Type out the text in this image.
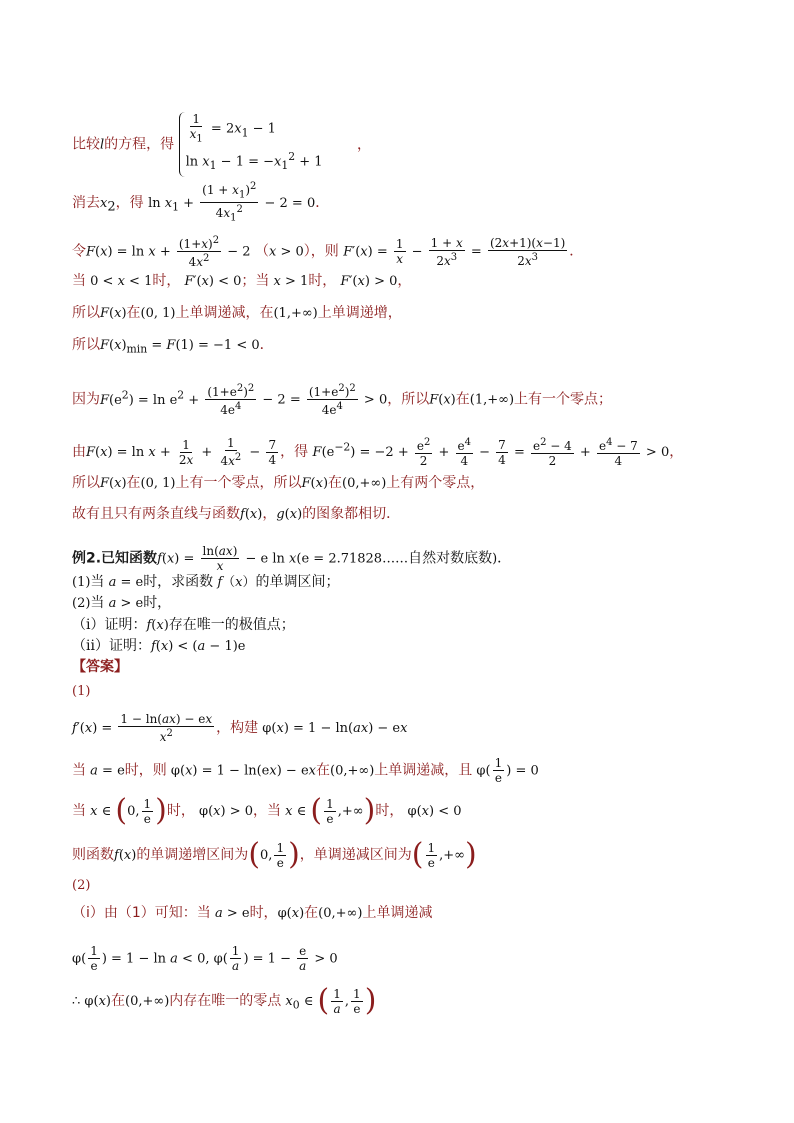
比较l的方程，得 $\frac{1}{x_1} = 2x_1 - 1$
$\ln x_1 - 1 = -x_1^2 + 1$
，
消去$x_2$，得 $\ln x_1 + \frac{(1 + x_1)^2}{4x_1^2} - 2 = 0$．
令$F(x) = \ln x + \frac{(1+x)^2}{4x^2} - 2$ （x > 0），则 $F'(x) = \frac{1}{x} - \frac{1 + x}{2x^3} = \frac{(2x+1)(x-1)}{2x^3}$ ．
当 0 < x < 1时， F′(x) < 0；当 x > 1时， F′(x) > 0，
所以F(x)在(0, 1)上单调递减，在(1,+∞)上单调递增，
所以$F(x)_{min} = F(1) = -1 < 0$．
因为$F(e^2) = \ln e^2 + \frac{(1+e^2)^2}{4e^4} - 2 = \frac{(1+e^2)^2}{4e^4} > 0$，所以F(x)在(1,+∞)上有一个零点；
由$F(x) = \ln x + \frac{1}{2x} + \frac{1}{4x^2} - \frac{7}{4}$ ，得 $F(e^{-2}) = -2 + \frac{e^2}{2} + \frac{e^4}{4} - \frac{7}{4} = \frac{e^2 - 4}{2} + \frac{e^4 - 7}{4} > 0$，
所以F(x)在(0, 1)上有一个零点，所以F(x)在(0,+∞)上有两个零点，
故有且只有两条直线与函数f(x)，g(x)的图象都相切．
例2.已知函数$f(x) = \frac{\ln(ax)}{x} - e$ ln x(e = 2.71828……自然对数底数)．
(1)当 a = e时，求函数 f（x）的单调区间；
(2)当 a > e时，
（i）证明：f(x)存在唯一的极值点；
（ii）证明：f(x) < (a − 1)e
【答案】
(1)
$f'(x) = \frac{1 - \ln(ax) - ex}{x^2}$ ，构建 φ(x) = 1 − ln(ax) − ex
当 a = e时，则 φ(x) = 1 − ln(ex) − ex在(0,+∞)上单调递减，且 $\varphi( \frac{1}{e}$ ) = 0
当 x ∈ (0, $\frac{1}{e}$ )时， φ(x) > 0，当 x ∈ ( $\frac{1}{e}$ ,+∞)时， φ(x) < 0
则函数f(x)的单调递增区间为(0, $\frac{1}{e}$ )，单调递减区间为( $\frac{1}{e}$ ,+∞)
(2)
（i）由（1）可知：当 a > e时，φ(x)在(0,+∞)上单调递减
$\varphi( \frac{1}{e}$ ) = 1 − ln a < 0, $\varphi( \frac{1}{a}$ ) = $1 - \frac{e}{a} > 0$
∴ φ(x)在(0,+∞)内存在唯一的零点 $x_0$ ∈ ( $\frac{1}{a}$ , $\frac{1}{e}$ )
